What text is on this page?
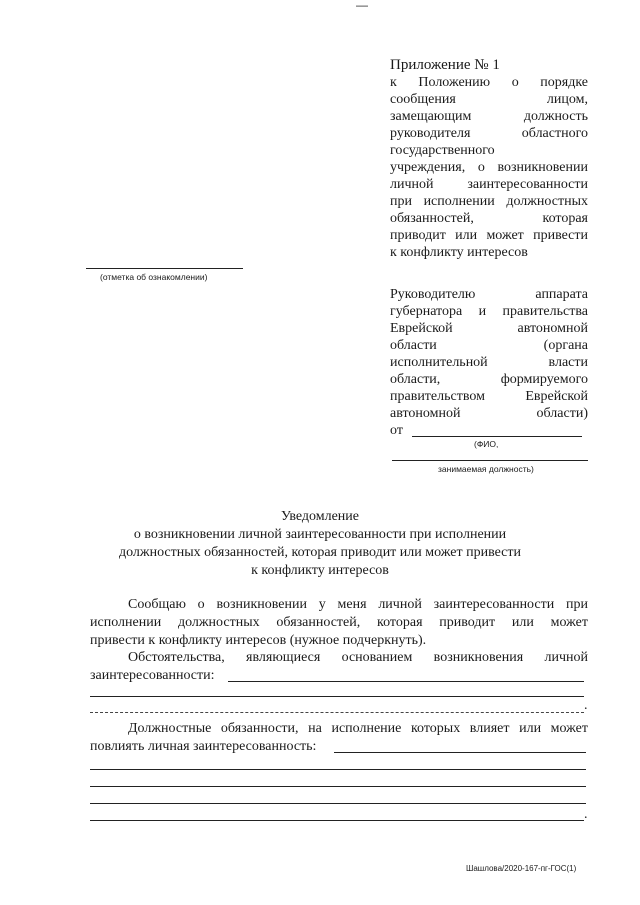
—
Приложение № 1
к Положению о порядке
сообщения лицом,
замещающим должность
руководителя областного
государственного
учреждения, о возникновении
личной заинтересованности
при исполнении должностных
обязанностей, которая
приводит или может привести
к конфликту интересов
(отметка об ознакомлении)
Руководителю аппарата
губернатора и правительства
Еврейской автономной
области (органа
исполнительной власти
области, формируемого
правительством Еврейской
автономной области)
от
(ФИО,
занимаемая должность)
Уведомление
о возникновении личной заинтересованности при исполнении
должностных обязанностей, которая приводит или может привести
к конфликту интересов
Сообщаю о возникновении у меня личной заинтересованности при
исполнении должностных обязанностей, которая приводит или может
привести к конфликту интересов (нужное подчеркнуть).
Обстоятельства, являющиеся основанием возникновения личной
заинтересованности:
.
Должностные обязанности, на исполнение которых влияет или может
повлиять личная заинтересованность:
.
Шашлова/2020-167-пг-ГОС(1)
